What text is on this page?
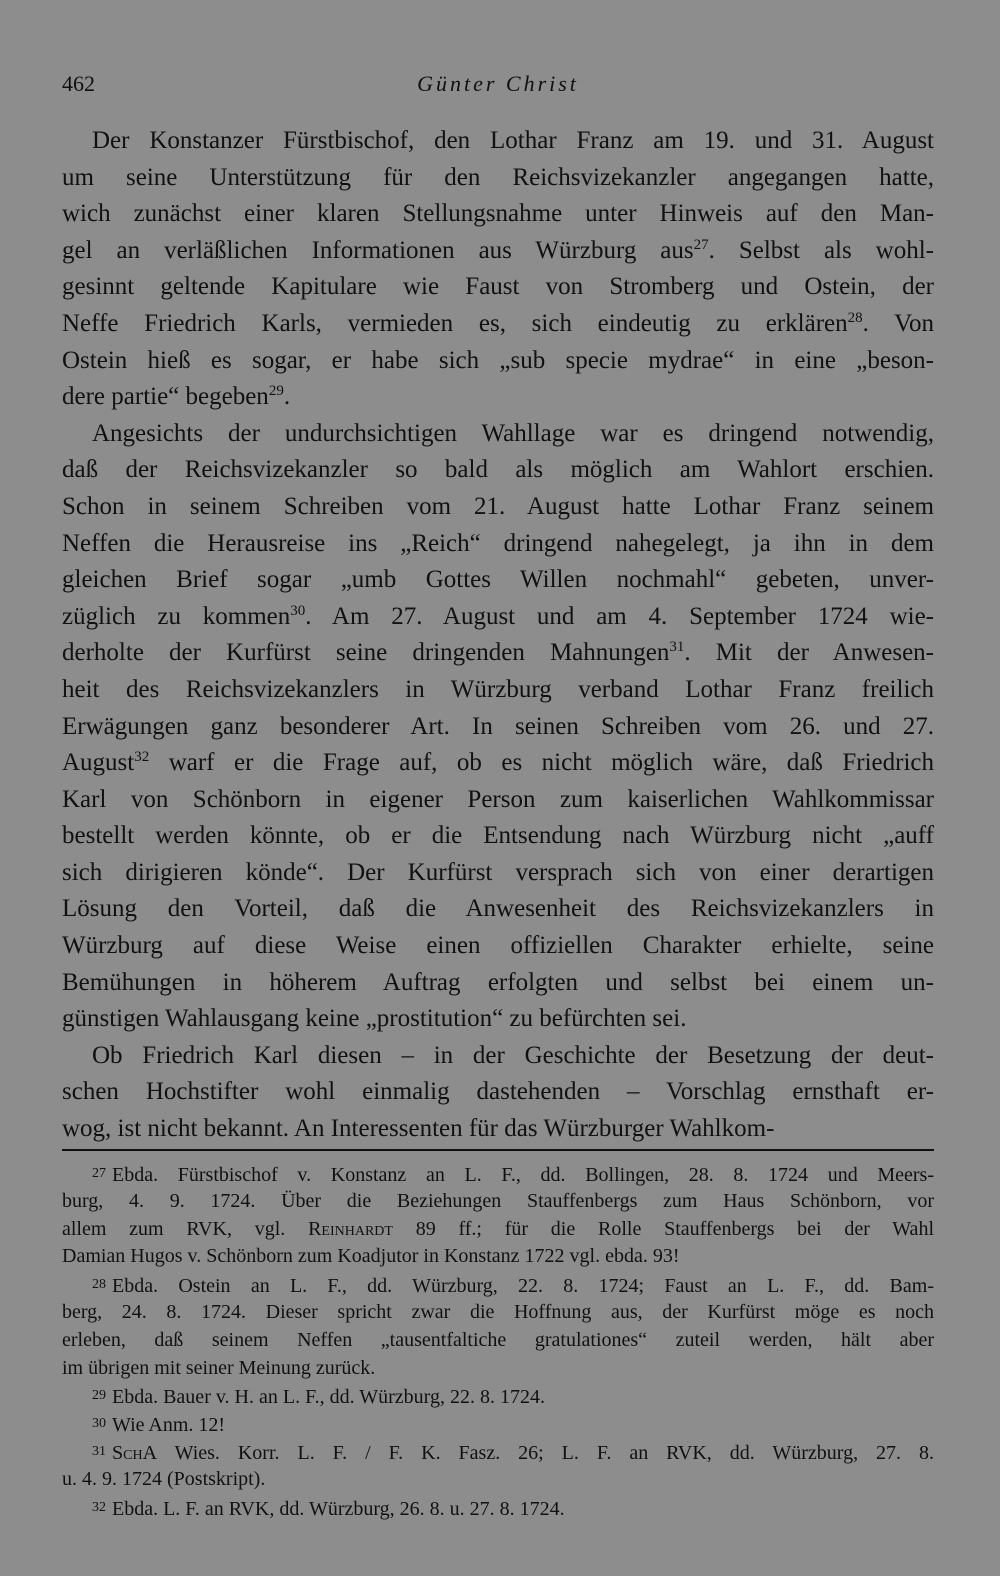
462	Günter Christ
Der Konstanzer Fürstbischof, den Lothar Franz am 19. und 31. August
um seine Unterstützung für den Reichsvizekanzler angegangen hatte,
wich zunächst einer klaren Stellungsnahme unter Hinweis auf den Man-
gel an verläßlichen Informationen aus Würzburg aus$^{27}$. Selbst als wohl-
gesinnt geltende Kapitulare wie Faust von Stromberg und Ostein, der
Neffe Friedrich Karls, vermieden es, sich eindeutig zu erklären$^{28}$. Von
Ostein hieß es sogar, er habe sich „sub specie mydrae“ in eine „beson-
dere partie“ begeben$^{29}$.
Angesichts der undurchsichtigen Wahllage war es dringend notwendig,
daß der Reichsvizekanzler so bald als möglich am Wahlort erschien.
Schon in seinem Schreiben vom 21. August hatte Lothar Franz seinem
Neffen die Herausreise ins „Reich“ dringend nahegelegt, ja ihn in dem
gleichen Brief sogar „umb Gottes Willen nochmahl“ gebeten, unver-
züglich zu kommen$^{30}$. Am 27. August und am 4. September 1724 wie-
derholte der Kurfürst seine dringenden Mahnungen$^{31}$. Mit der Anwesen-
heit des Reichsvizekanzlers in Würzburg verband Lothar Franz freilich
Erwägungen ganz besonderer Art. In seinen Schreiben vom 26. und 27.
August$^{32}$ warf er die Frage auf, ob es nicht möglich wäre, daß Friedrich
Karl von Schönborn in eigener Person zum kaiserlichen Wahlkommissar
bestellt werden könnte, ob er die Entsendung nach Würzburg nicht „auff
sich dirigieren könde“. Der Kurfürst versprach sich von einer derartigen
Lösung den Vorteil, daß die Anwesenheit des Reichsvizekanzlers in
Würzburg auf diese Weise einen offiziellen Charakter erhielte, seine
Bemühungen in höherem Auftrag erfolgten und selbst bei einem un-
günstigen Wahlausgang keine „prostitution“ zu befürchten sei.
Ob Friedrich Karl diesen – in der Geschichte der Besetzung der deut-
schen Hochstifter wohl einmalig dastehenden – Vorschlag ernsthaft er-
wog, ist nicht bekannt. An Interessenten für das Würzburger Wahlkom-
$^{27}$ Ebda. Fürstbischof v. Konstanz an L. F., dd. Bollingen, 28. 8. 1724 und Meers-
burg, 4. 9. 1724. Über die Beziehungen Stauffenbergs zum Haus Schönborn, vor
allem zum RVK, vgl. Reinhardt 89 ff.; für die Rolle Stauffenbergs bei der Wahl
Damian Hugos v. Schönborn zum Koadjutor in Konstanz 1722 vgl. ebda. 93!
$^{28}$ Ebda. Ostein an L. F., dd. Würzburg, 22. 8. 1724; Faust an L. F., dd. Bam-
berg, 24. 8. 1724. Dieser spricht zwar die Hoffnung aus, der Kurfürst möge es noch
erleben, daß seinem Neffen „tausentfaltiche gratulationes“ zuteil werden, hält aber
im übrigen mit seiner Meinung zurück.
$^{29}$ Ebda. Bauer v. H. an L. F., dd. Würzburg, 22. 8. 1724.
$^{30}$ Wie Anm. 12!
$^{31}$ SchA Wies. Korr. L. F. / F. K. Fasz. 26; L. F. an RVK, dd. Würzburg, 27. 8.
u. 4. 9. 1724 (Postskript).
$^{32}$ Ebda. L. F. an RVK, dd. Würzburg, 26. 8. u. 27. 8. 1724.
